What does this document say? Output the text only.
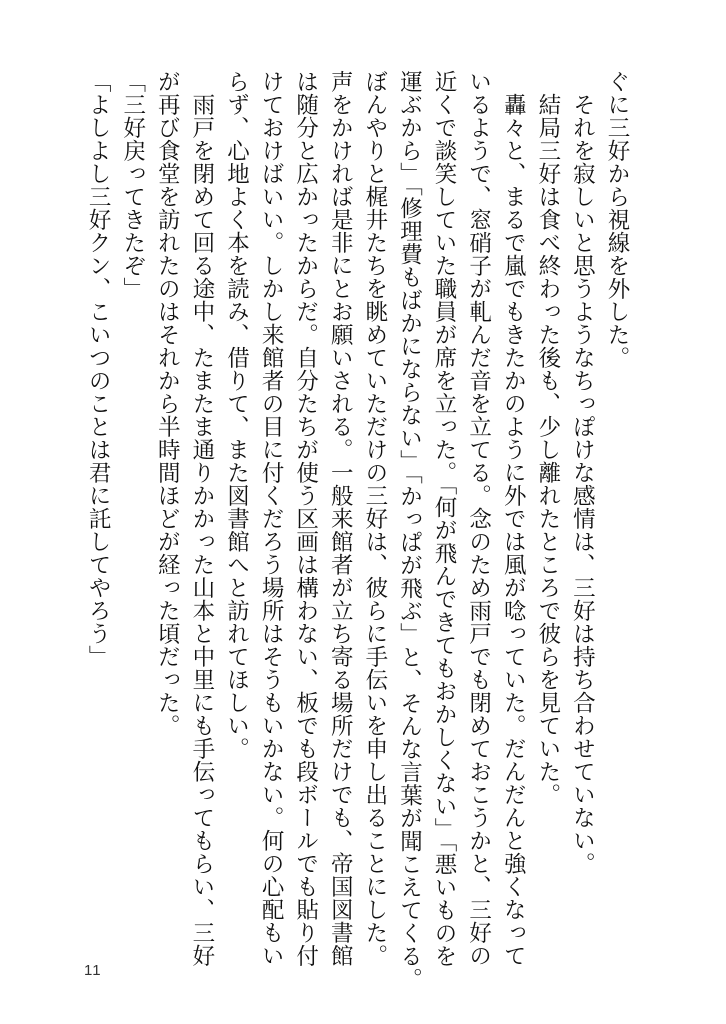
ぐに三好から視線を外した。

　それを寂しいと思うようなちっぽけな感情は、三好は持ち合わせていない。

　結局三好は食べ終わった後も、少し離れたところで彼らを見ていた。

　轟々と、まるで嵐でもきたかのように外では風が唸っていた。だんだんと強くなって

いるようで、窓硝子が軋んだ音を立てる。念のため雨戸でも閉めておこうかと、三好の

近くで談笑していた職員が席を立った。「何が飛んできてもおかしくない」「悪いものを

運ぶから」「修理費もばかにならない」「かっぱが飛ぶ」と、そんな言葉が聞こえてくる。

ぼんやりと梶井たちを眺めていただけの三好は、彼らに手伝いを申し出ることにした。

声をかければ是非にとお願いされる。一般来館者が立ち寄る場所だけでも、帝国図書館

は随分と広かったからだ。自分たちが使う区画は構わない、板でも段ボールでも貼り付

けておけばいい。しかし来館者の目に付くだろう場所はそうもいかない。何の心配もい

らず、心地よく本を読み、借りて、また図書館へと訪れてほしい。

　雨戸を閉めて回る途中、たまたま通りかかった山本と中里にも手伝ってもらい、三好

が再び食堂を訪れたのはそれから半時間ほどが経った頃だった。

「三好戻ってきたぞ」

「よしよし三好クン、こいつのことは君に託してやろう」

11
